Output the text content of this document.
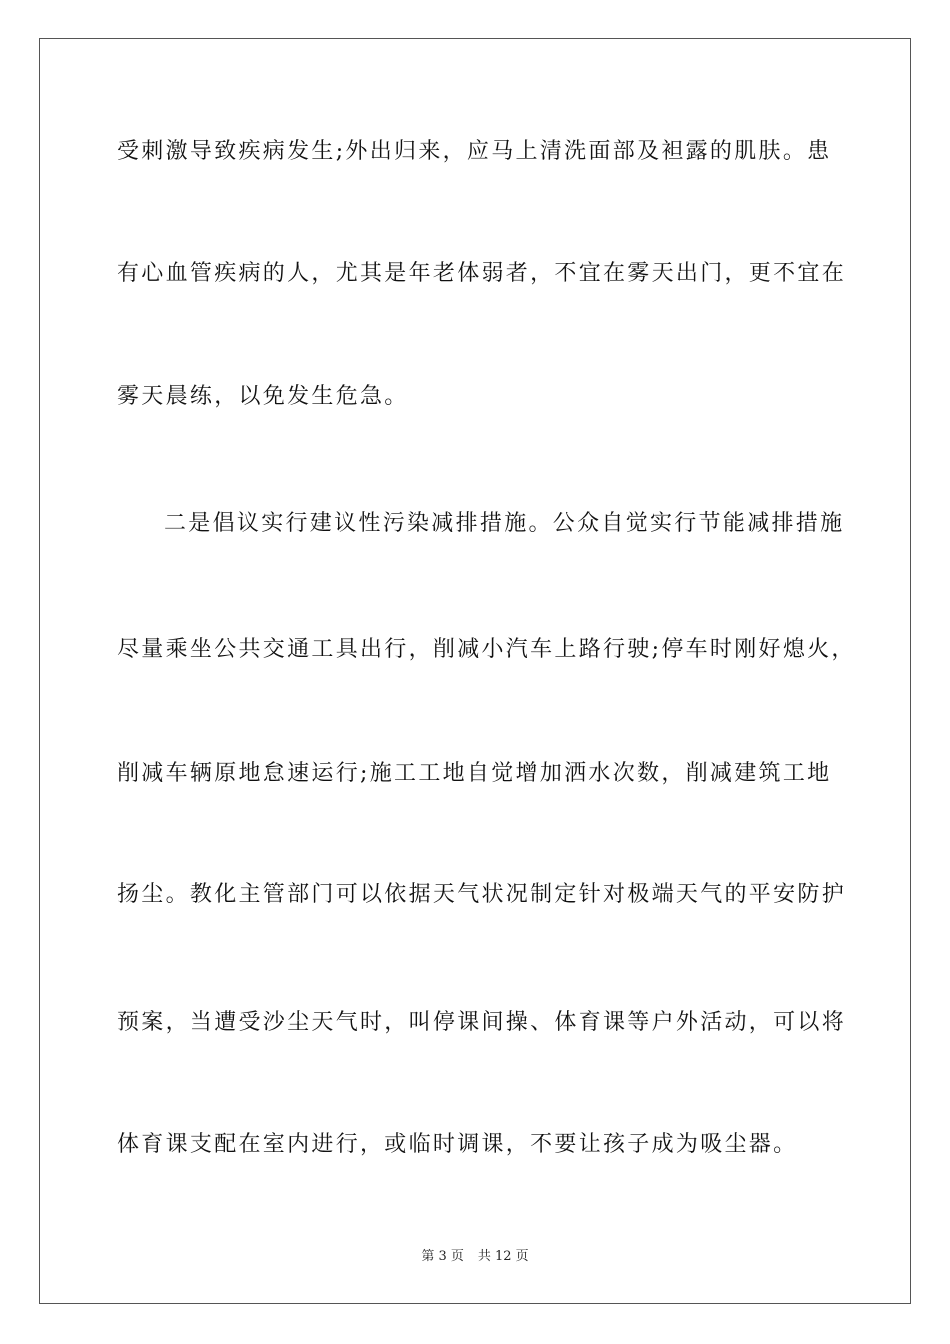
受刺激导致疾病发生;外出归来，应马上清洗面部及袒露的肌肤。患
有心血管疾病的人，尤其是年老体弱者，不宜在雾天出门，更不宜在
雾天晨练，以免发生危急。
二是倡议实行建议性污染减排措施。公众自觉实行节能减排措施
尽量乘坐公共交通工具出行，削减小汽车上路行驶;停车时刚好熄火，
削减车辆原地怠速运行;施工工地自觉增加洒水次数，削减建筑工地
扬尘。教化主管部门可以依据天气状况制定针对极端天气的平安防护
预案，当遭受沙尘天气时，叫停课间操、体育课等户外活动，可以将
体育课支配在室内进行，或临时调课，不要让孩子成为吸尘器。
第 3 页 共 12 页
